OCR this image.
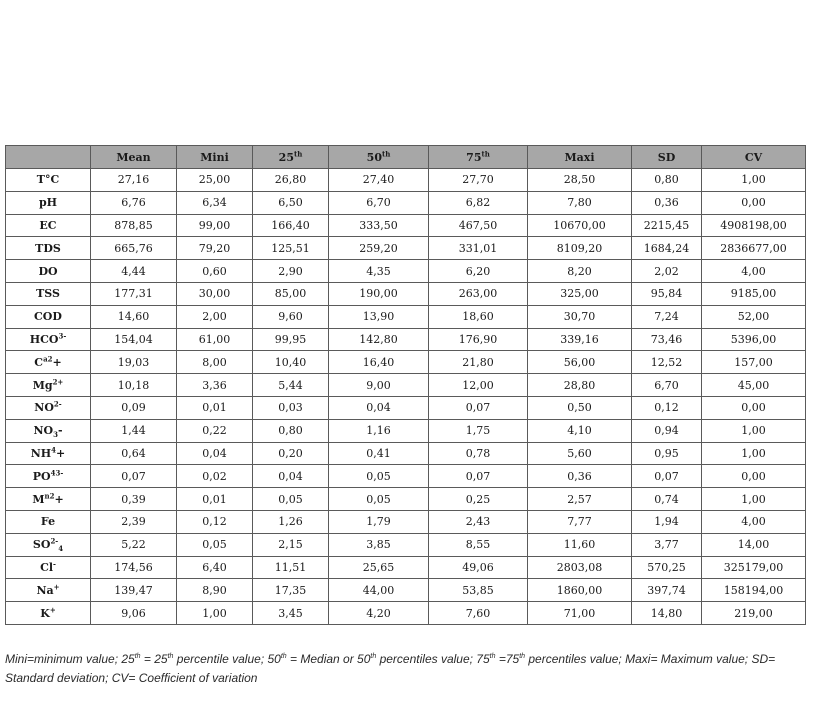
	Mean	Mini	25th	50th	75th	Maxi	SD	CV
T°C	27,16	25,00	26,80	27,40	27,70	28,50	0,80	1,00
pH	6,76	6,34	6,50	6,70	6,82	7,80	0,36	0,00
EC	878,85	99,00	166,40	333,50	467,50	10670,00	2215,45	4908198,00
TDS	665,76	79,20	125,51	259,20	331,01	8109,20	1684,24	2836677,00
DO	4,44	0,60	2,90	4,35	6,20	8,20	2,02	4,00
TSS	177,31	30,00	85,00	190,00	263,00	325,00	95,84	9185,00
COD	14,60	2,00	9,60	13,90	18,60	30,70	7,24	52,00
$HCO^{3-}$	154,04	61,00	99,95	142,80	176,90	339,16	73,46	5396,00
$C^{a2}+$	19,03	8,00	10,40	16,40	21,80	56,00	12,52	157,00
$Mg^{2+}$	10,18	3,36	5,44	9,00	12,00	28,80	6,70	45,00
$NO^{2-}$	0,09	0,01	0,03	0,04	0,07	0,50	0,12	0,00
$NO_3-$	1,44	0,22	0,80	1,16	1,75	4,10	0,94	1,00
$NH^4+$	0,64	0,04	0,20	0,41	0,78	5,60	0,95	1,00
$PO^{43-}$	0,07	0,02	0,04	0,05	0,07	0,36	0,07	0,00
$M^{n2}+$	0,39	0,01	0,05	0,05	0,25	2,57	0,74	1,00
Fe	2,39	0,12	1,26	1,79	2,43	7,77	1,94	4,00
$SO^{2-}_4$	5,22	0,05	2,15	3,85	8,55	11,60	3,77	14,00
Cl-	174,56	6,40	11,51	25,65	49,06	2803,08	570,25	325179,00
Na+	139,47	8,90	17,35	44,00	53,85	1860,00	397,74	158194,00
K+	9,06	1,00	3,45	4,20	7,60	71,00	14,80	219,00
Mini=minimum value; 25th = 25th percentile value; 50th = Median or 50th percentiles value; 75th =75th percentiles value; Maxi= Maximum value; SD= Standard deviation; CV= Coefficient of variation
